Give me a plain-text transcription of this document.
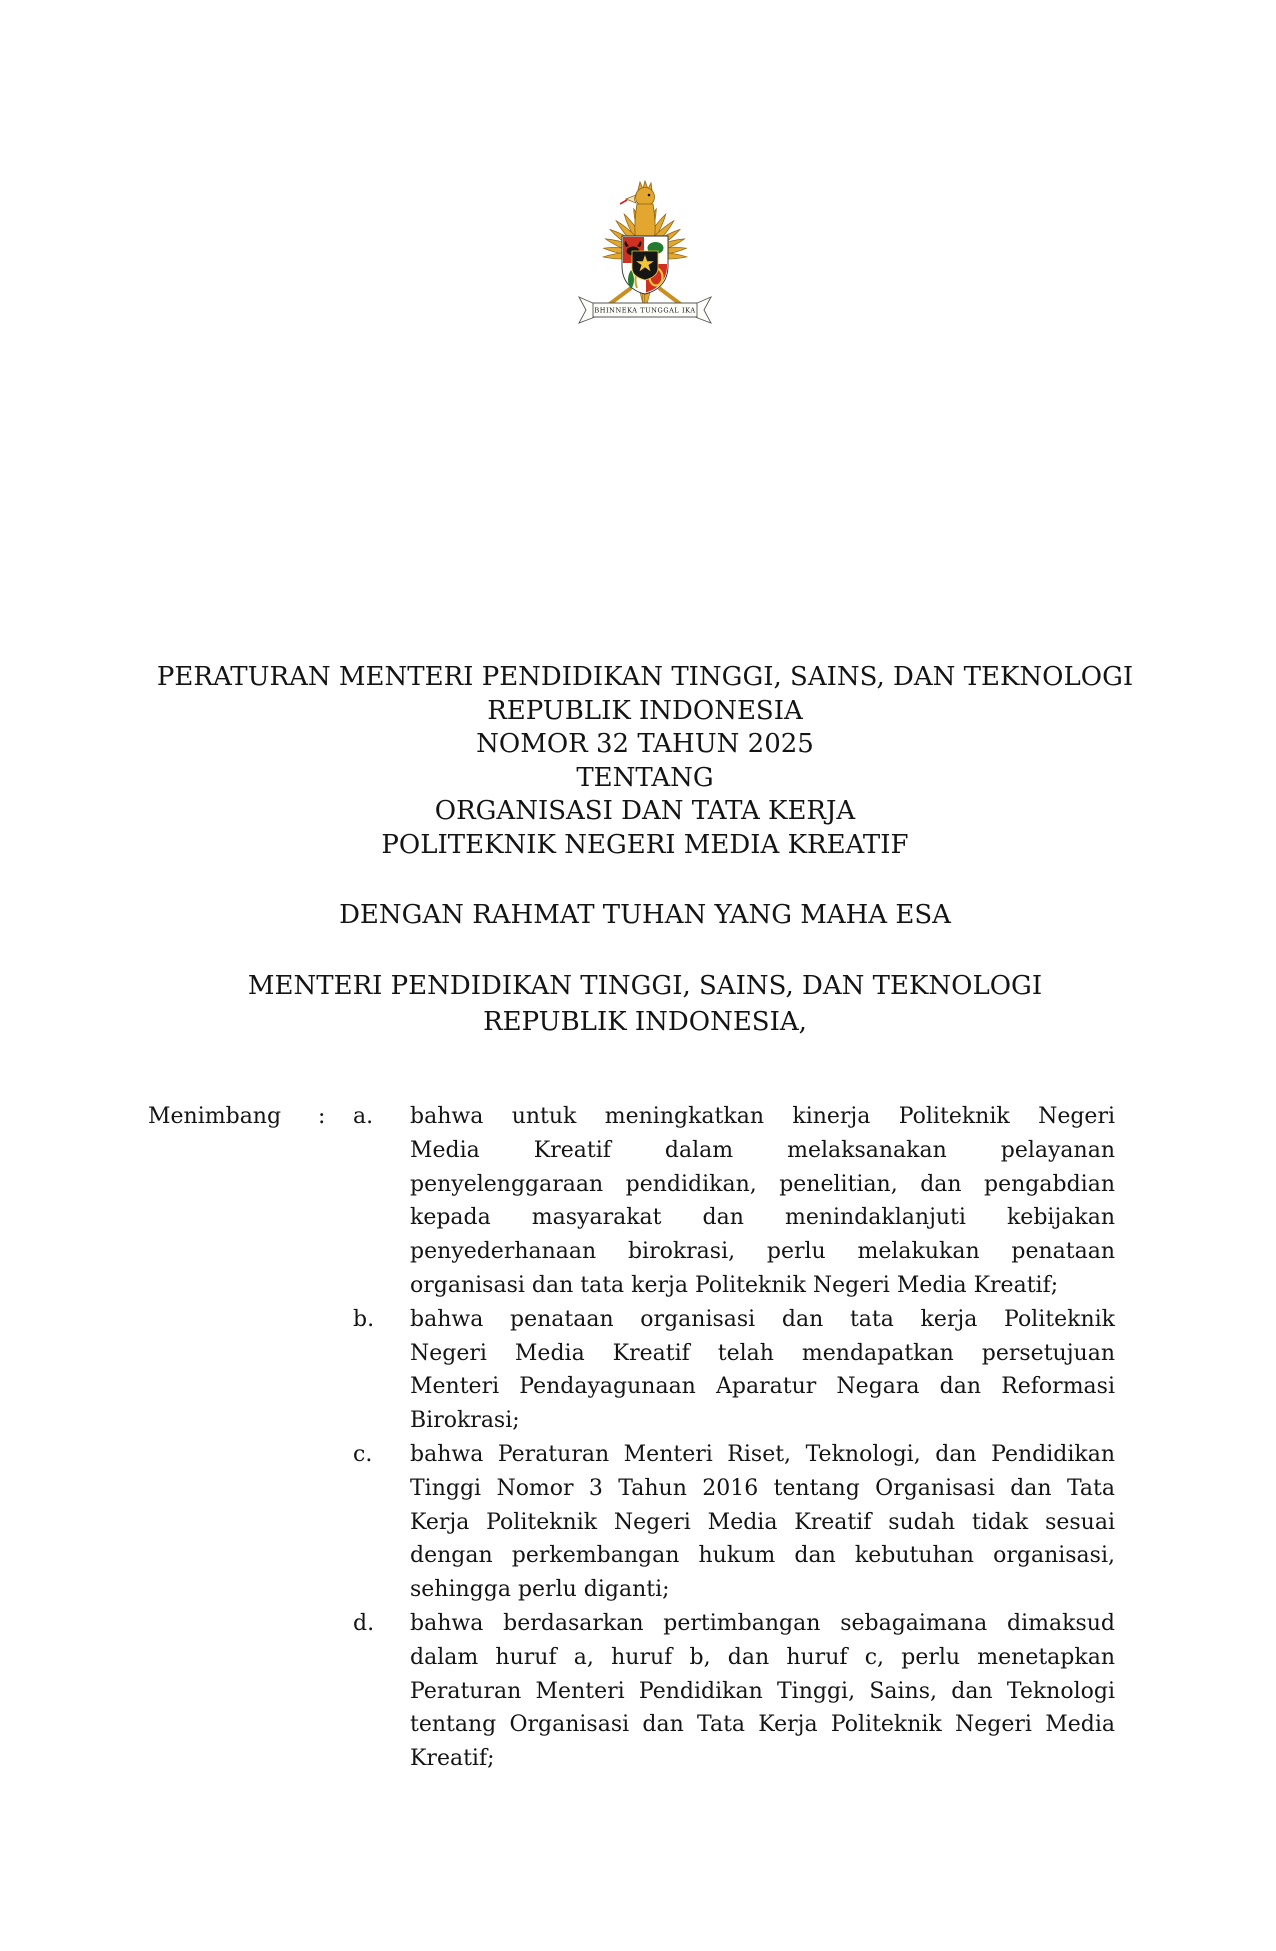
BHINNEKA TUNGGAL IKA
PERATURAN MENTERI PENDIDIKAN TINGGI, SAINS, DAN TEKNOLOGI
REPUBLIK INDONESIA
NOMOR 32 TAHUN 2025
TENTANG
ORGANISASI DAN TATA KERJA
POLITEKNIK NEGERI MEDIA KREATIF
DENGAN RAHMAT TUHAN YANG MAHA ESA
MENTERI PENDIDIKAN TINGGI, SAINS, DAN TEKNOLOGI
REPUBLIK INDONESIA,
Menimbang	:	a.	bahwa untuk meningkatkan kinerja Politeknik Negeri
Media Kreatif dalam melaksanakan pelayanan
penyelenggaraan pendidikan, penelitian, dan pengabdian
kepada masyarakat dan menindaklanjuti kebijakan
penyederhanaan birokrasi, perlu melakukan penataan
organisasi dan tata kerja Politeknik Negeri Media Kreatif;
b.	bahwa penataan organisasi dan tata kerja Politeknik
Negeri Media Kreatif telah mendapatkan persetujuan
Menteri Pendayagunaan Aparatur Negara dan Reformasi
Birokrasi;
c.	bahwa Peraturan Menteri Riset, Teknologi, dan Pendidikan
Tinggi Nomor 3 Tahun 2016 tentang Organisasi dan Tata
Kerja Politeknik Negeri Media Kreatif sudah tidak sesuai
dengan perkembangan hukum dan kebutuhan organisasi,
sehingga perlu diganti;
d.	bahwa berdasarkan pertimbangan sebagaimana dimaksud
dalam huruf a, huruf b, dan huruf c, perlu menetapkan
Peraturan Menteri Pendidikan Tinggi, Sains, dan Teknologi
tentang Organisasi dan Tata Kerja Politeknik Negeri Media
Kreatif;
